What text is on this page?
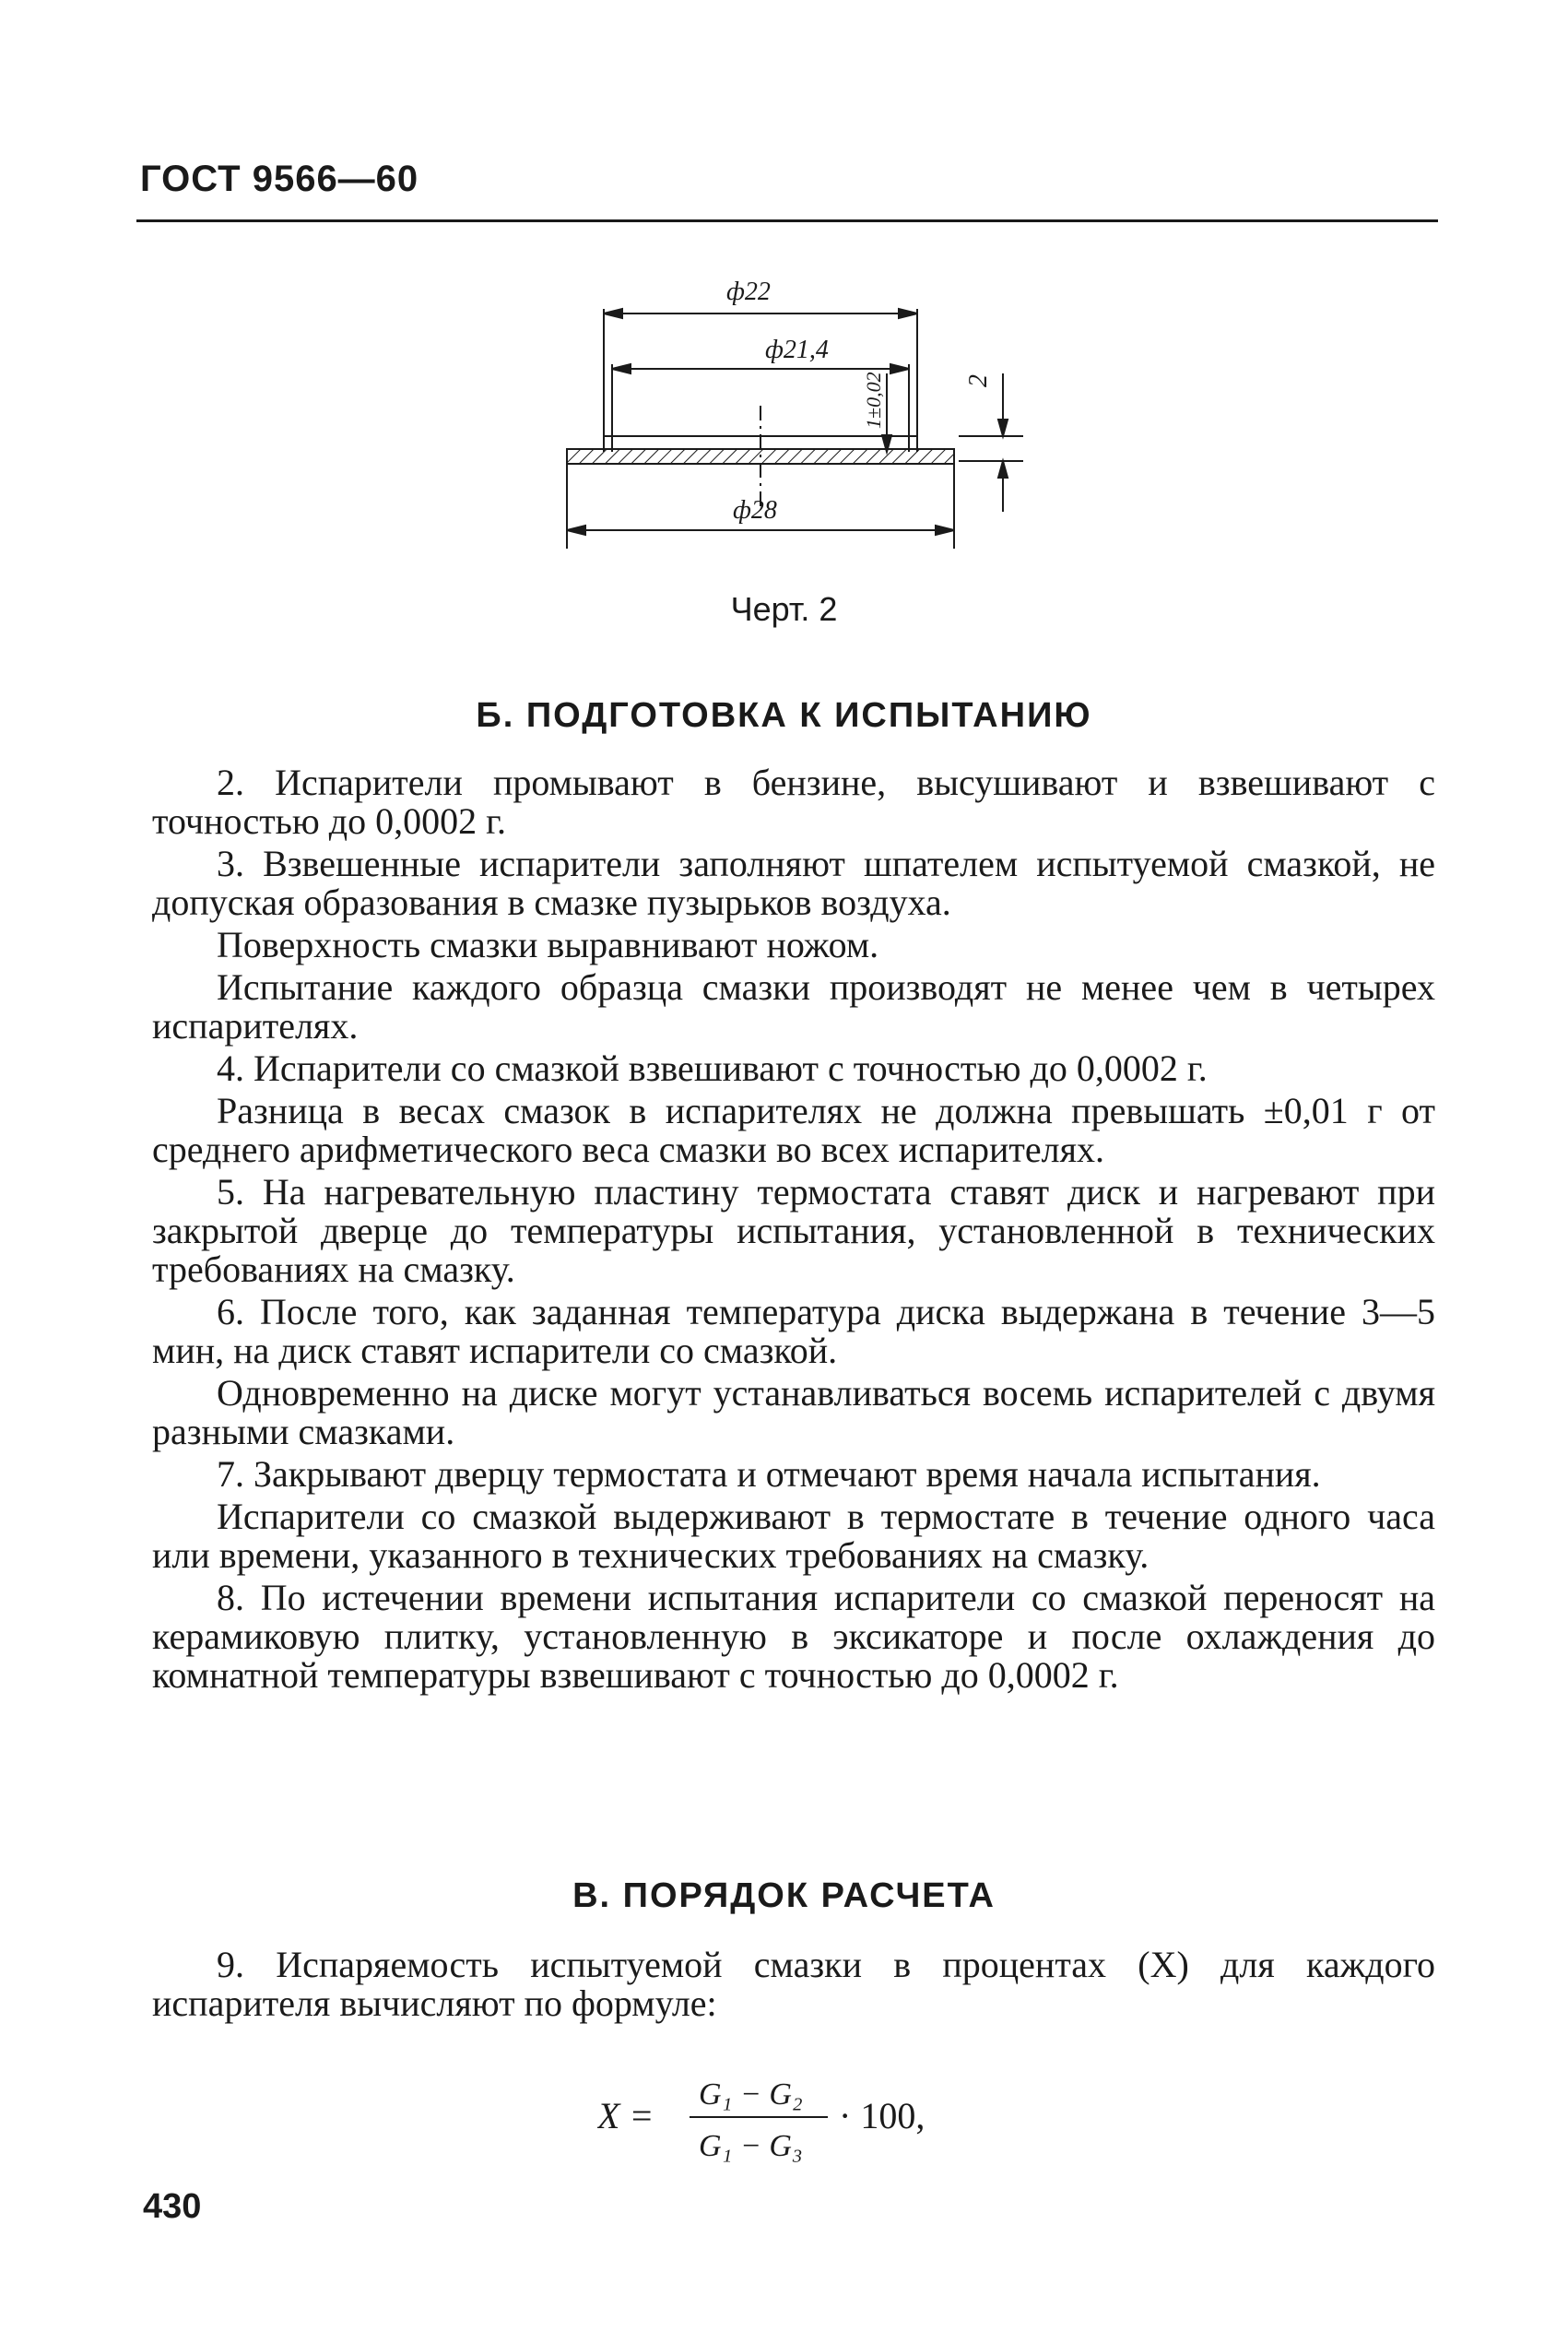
ГОСТ 9566—60
ф22
ф21,4
1±0,02	2
ф28
Черт. 2
Б. ПОДГОТОВКА К ИСПЫТАНИЮ

2. Испарители промывают в бензине, высушивают и взвешивают с точностью до 0,0002 г.

3. Взвешенные испарители заполняют шпателем испытуемой смазкой, не допуская образования в смазке пузырьков воздуха.

Поверхность смазки выравнивают ножом.

Испытание каждого образца смазки производят не менее чем в четырех испарителях.

4. Испарители со смазкой взвешивают с точностью до 0,0002 г.

Разница в весах смазок в испарителях не должна превышать ±0,01 г от среднего арифметического веса смазки во всех испарителях.

5. На нагревательную пластину термостата ставят диск и нагревают при закрытой дверце до температуры испытания, установленной в технических требованиях на смазку.

6. После того, как заданная температура диска выдержана в течение 3—5 мин, на диск ставят испарители со смазкой.

Одновременно на диске могут устанавливаться восемь испарителей с двумя разными смазками.

7. Закрывают дверцу термостата и отмечают время начала испытания.

Испарители со смазкой выдерживают в термостате в течение одного часа или времени, указанного в технических требованиях на смазку.

8. По истечении времени испытания испарители со смазкой переносят на керамиковую плитку, установленную в эксикаторе и после охлаждения до комнатной температуры взвешивают с точностью до 0,0002 г.

В. ПОРЯДОК РАСЧЕТА

9. Испаряемость испытуемой смазки в процентах (X) для каждого испарителя вычисляют по формуле:

X =
G₁ − G₂
G₁ − G₃
· 100,
430
